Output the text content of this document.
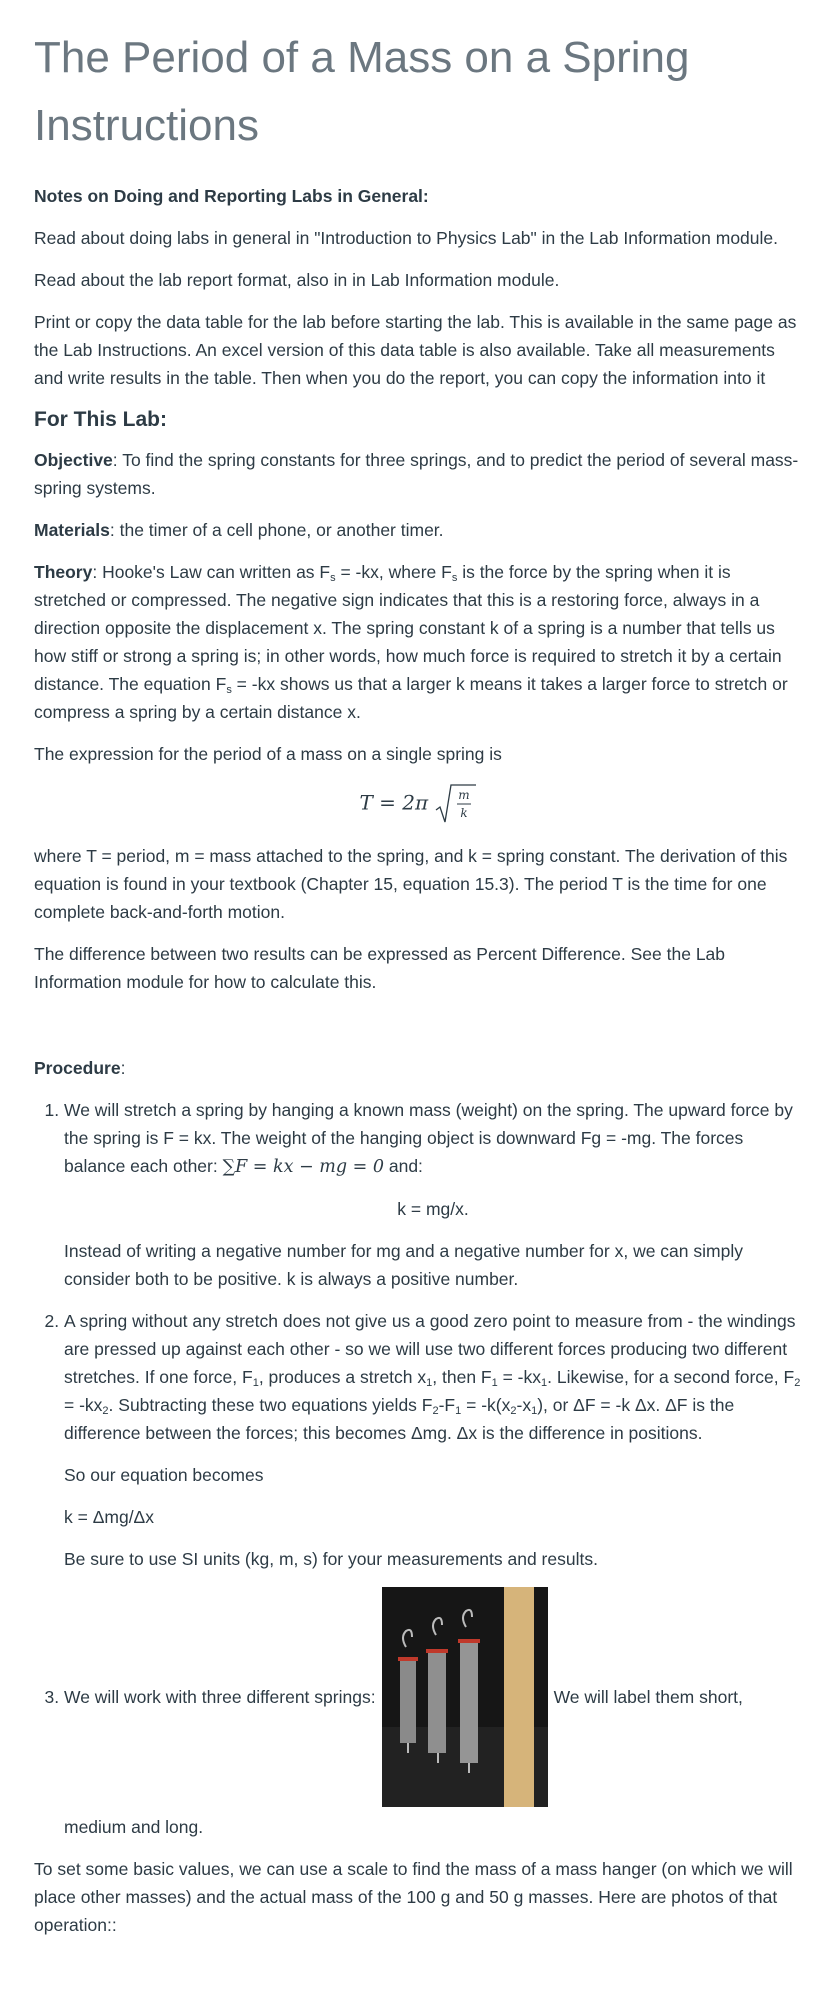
The Period of a Mass on a Spring
Instructions

Notes on Doing and Reporting Labs in General:

Read about doing labs in general in "Introduction to Physics Lab" in the Lab Information module.

Read about the lab report format, also in in Lab Information module.

Print or copy the data table for the lab before starting the lab. This is available in the same page as the Lab Instructions. An excel version of this data table is also available. Take all measurements and write results in the table. Then when you do the report, you can copy the information into it

For This Lab:

Objective: To find the spring constants for three springs, and to predict the period of several mass-spring systems.

Materials: the timer of a cell phone, or another timer.

Theory: Hooke's Law can written as $F_s = -kx$, where $F_s$ is the force by the spring when it is stretched or compressed. The negative sign indicates that this is a restoring force, always in a direction opposite the displacement x. The spring constant k of a spring is a number that tells us how stiff or strong a spring is; in other words, how much force is required to stretch it by a certain distance. The equation $F_s = -kx$ shows us that a larger k means it takes a larger force to stretch or compress a spring by a certain distance x.

The expression for the period of a mass on a single spring is

T = 2π m
k

where T = period, m = mass attached to the spring, and k = spring constant. The derivation of this equation is found in your textbook (Chapter 15, equation 15.3). The period T is the time for one complete back-and-forth motion.

The difference between two results can be expressed as Percent Difference. See the Lab Information module for how to calculate this.

Procedure:

1. We will stretch a spring by hanging a known mass (weight) on the spring. The upward force by the spring is F = kx. The weight of the hanging object is downward Fg = -mg. The forces balance each other: ∑F = kx − mg = 0 and:

k = mg/x.

Instead of writing a negative number for mg and a negative number for x, we can simply consider both to be positive. k is always a positive number.

2. A spring without any stretch does not give us a good zero point to measure from - the windings are pressed up against each other - so we will use two different forces producing two different stretches. If one force, $F_1$, produces a stretch $x_1$, then $F_1 = -kx_1$. Likewise, for a second force, $F_2 = -kx_2$. Subtracting these two equations yields $F_2-F_1 = -k(x_2-x_1)$, or ΔF = -k Δx. ΔF is the difference between the forces; this becomes Δmg. Δx is the difference in positions.

So our equation becomes

k = Δmg/Δx

Be sure to use SI units (kg, m, s) for your measurements and results.

3. We will work with three different springs:	We will label them short,

medium and long.

To set some basic values, we can use a scale to find the mass of a mass hanger (on which we will place other masses) and the actual mass of the 100 g and 50 g masses. Here are photos of that operation::
